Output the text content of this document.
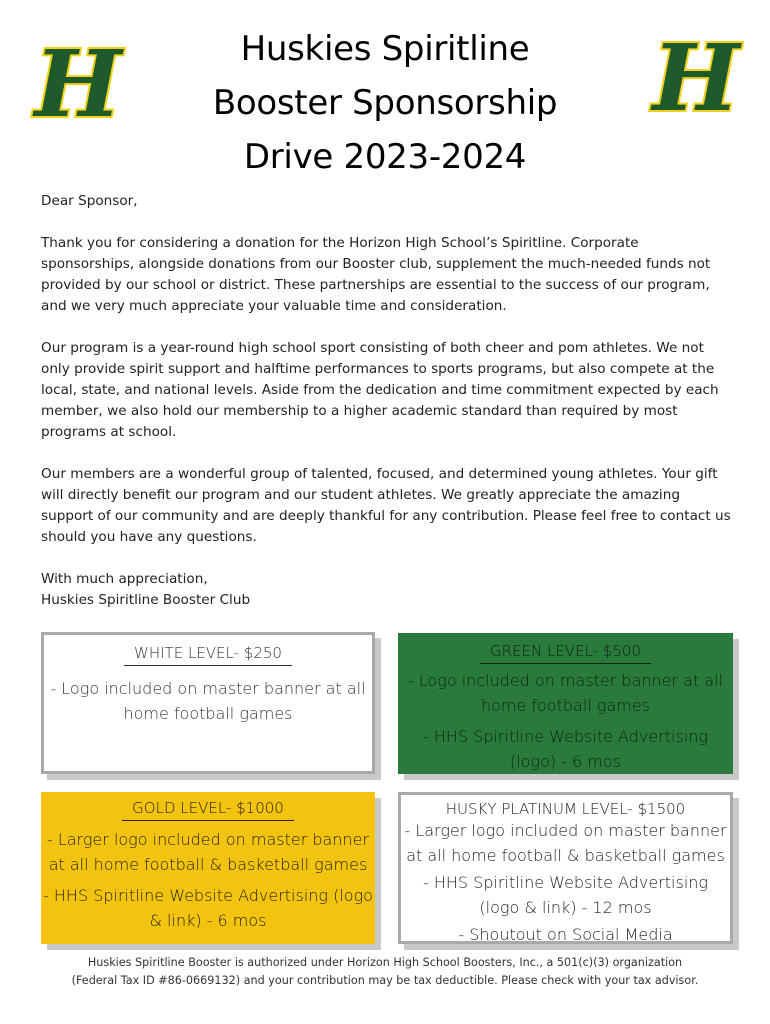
H	H
Huskies Spiritline
Booster Sponsorship
Drive 2023-2024

Dear Sponsor,

Thank you for considering a donation for the Horizon High School’s Spiritline. Corporate sponsorships, alongside donations from our Booster club, supplement the much-needed funds not provided by our school or district. These partnerships are essential to the success of our program, and we very much appreciate your valuable time and consideration.

Our program is a year-round high school sport consisting of both cheer and pom athletes. We not only provide spirit support and halftime performances to sports programs, but also compete at the local, state, and national levels. Aside from the dedication and time commitment expected by each member, we also hold our membership to a higher academic standard than required by most programs at school.

Our members are a wonderful group of talented, focused, and determined young athletes. Your gift will directly benefit our program and our student athletes. We greatly appreciate the amazing support of our community and are deeply thankful for any contribution. Please feel free to contact us should you have any questions.

With much appreciation,
Huskies Spiritline Booster Club
WHITE LEVEL- $250
- Logo included on master banner at all home football games
GREEN LEVEL- $500
- Logo included on master banner at all home football games
- HHS Spiritline Website Advertising (logo) - 6 mos
GOLD LEVEL- $1000
- Larger logo included on master banner at all home football & basketball games
- HHS Spiritline Website Advertising (logo & link) - 6 mos
HUSKY PLATINUM LEVEL- $1500
- Larger logo included on master banner at all home football & basketball games
- HHS Spiritline Website Advertising (logo & link) - 12 mos
- Shoutout on Social Media
Huskies Spiritline Booster is authorized under Horizon High School Boosters, Inc., a 501(c)(3) organization
(Federal Tax ID #86-0669132) and your contribution may be tax deductible. Please check with your tax advisor.
